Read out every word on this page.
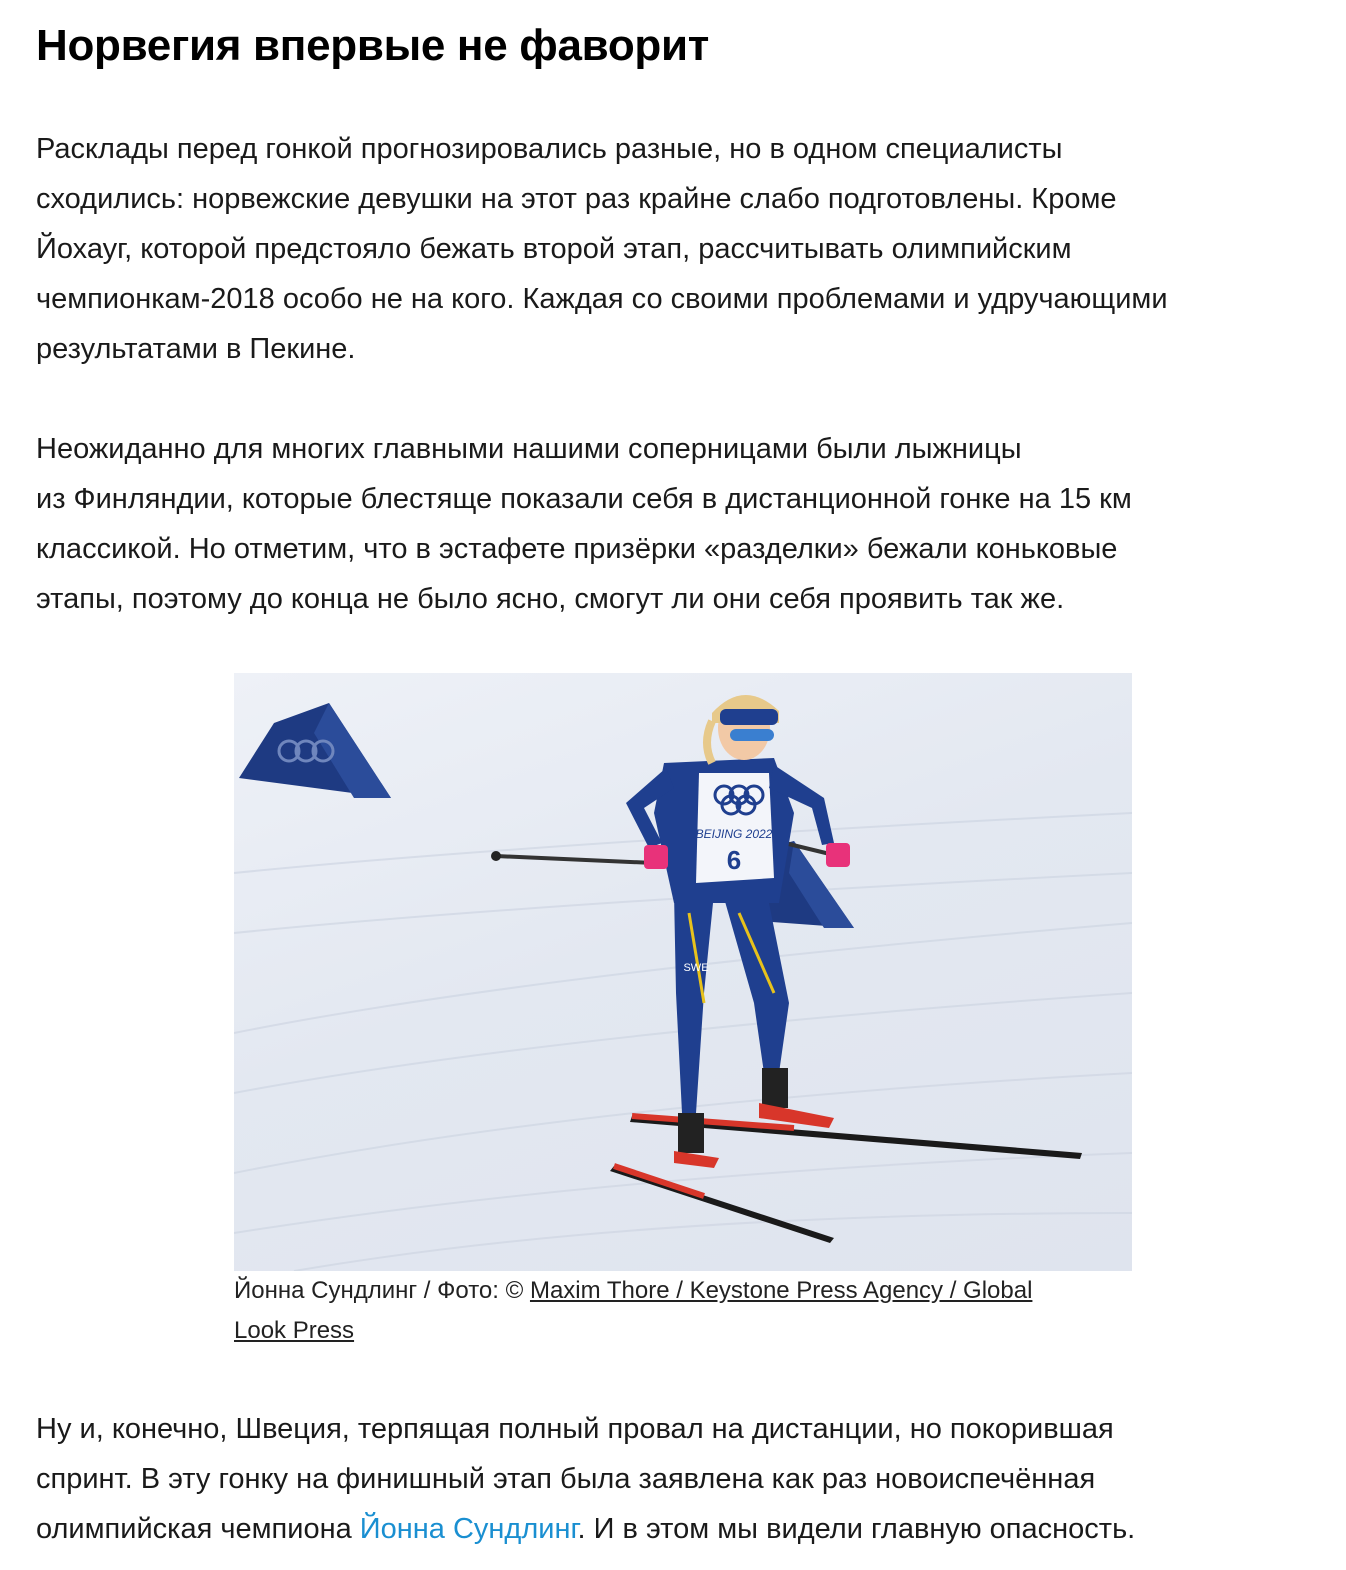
Норвегия впервые не фаворит

Расклады перед гонкой прогнозировались разные, но в одном специалисты
сходились: норвежские девушки на этот раз крайне слабо подготовлены. Кроме
Йохауг, которой предстояло бежать второй этап, рассчитывать олимпийским
чемпионкам-2018 особо не на кого. Каждая со своими проблемами и удручающими
результатами в Пекине.

Неожиданно для многих главными нашими соперницами были лыжницы
из Финляндии, которые блестяще показали себя в дистанционной гонке на 15 км
классикой. Но отметим, что в эстафете призёрки «разделки» бежали коньковые
этапы, поэтому до конца не было ясно, смогут ли они себя проявить так же.

6
BEIJING 2022
SWE
Йонна Сундлинг / Фото: © Maxim Thore / Keystone Press Agency / Global
Look Press

Ну и, конечно, Швеция, терпящая полный провал на дистанции, но покорившая
спринт. В эту гонку на финишный этап была заявлена как раз новоиспечённая
олимпийская чемпиона Йонна Сундлинг. И в этом мы видели главную опасность.
